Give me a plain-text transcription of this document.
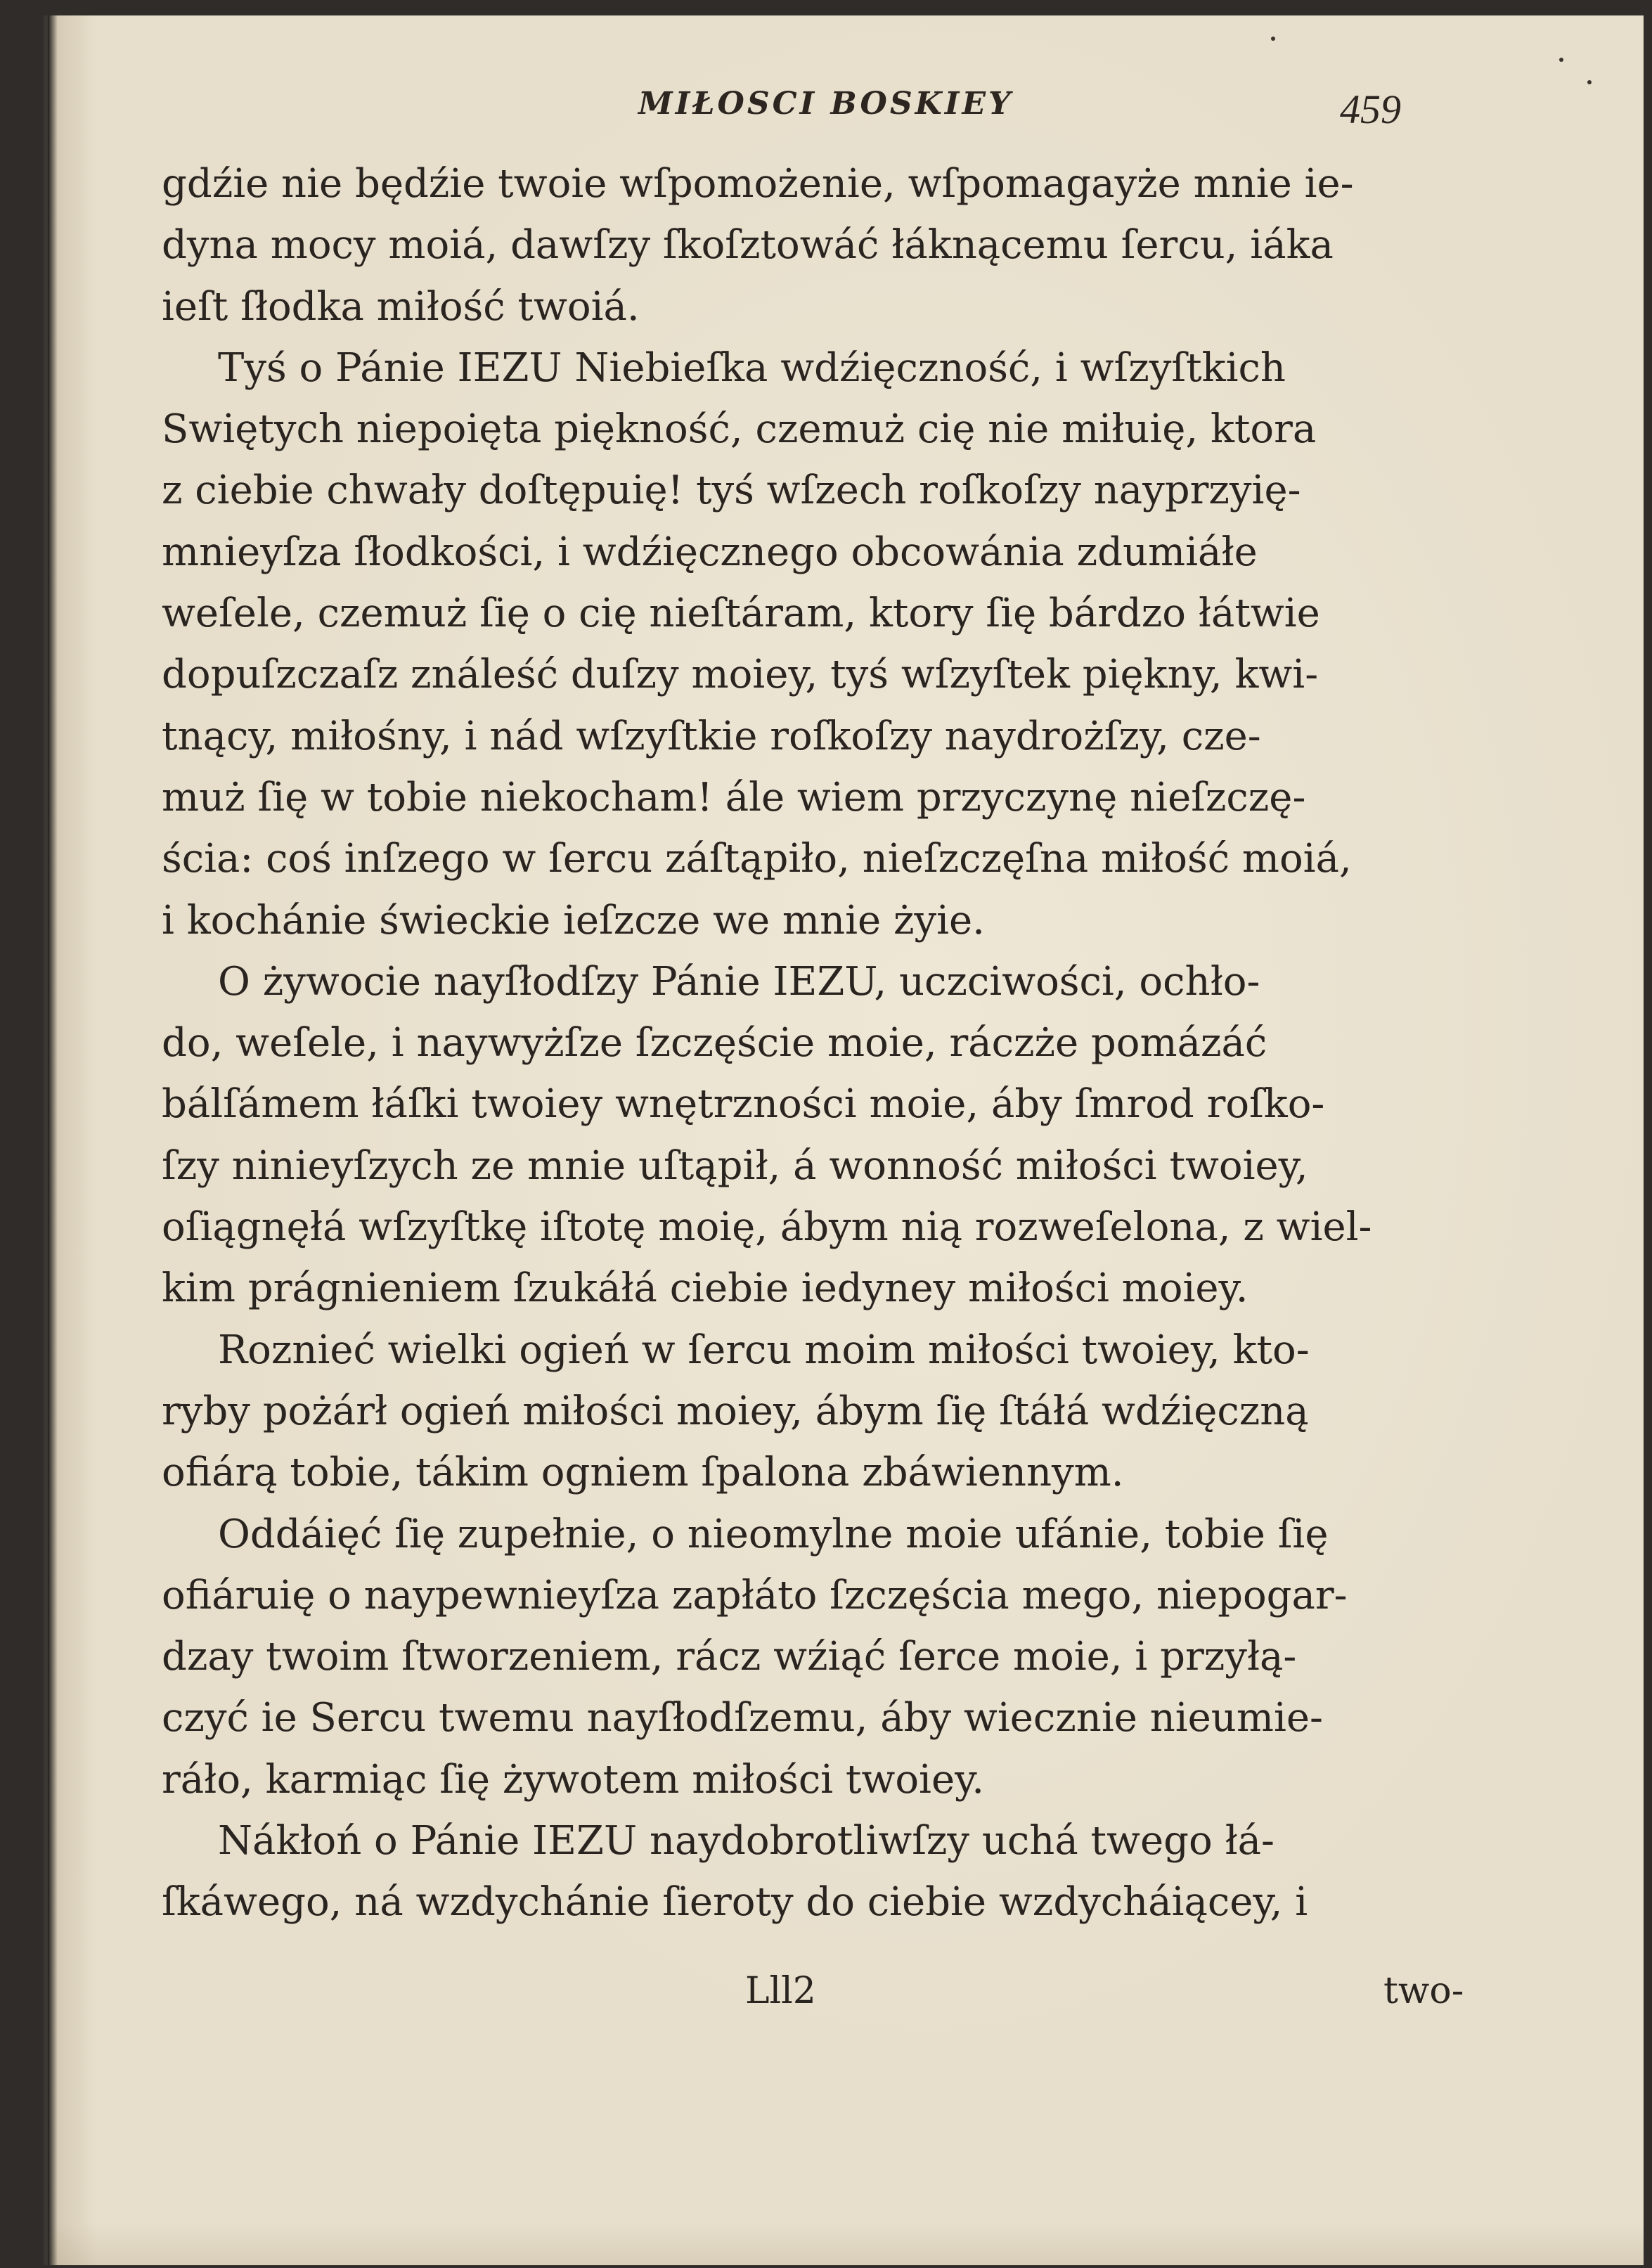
MIŁOSCI BOSKIEY	459
gdźie nie będźie twoie wſpomożenie, wſpomagayże mnie ie-
dyna mocy moiá, dawſzy ſkoſztowáć łáknącemu ſercu, iáka
ieſt ſłodka miłość twoiá.
Tyś o Pánie IEZU Niebieſka wdźięczność, i wſzyſtkich
Swiętych niepoięta piękność, czemuż cię nie miłuię, ktora
z ciebie chwały doſtępuię! tyś wſzech roſkoſzy nayprzyię-
mnieyſza ſłodkości, i wdźięcznego obcowánia zdumiáłe
weſele, czemuż ſię o cię nieſtáram, ktory ſię bárdzo łátwie
dopuſzczaſz ználeść duſzy moiey, tyś wſzyſtek piękny, kwi-
tnący, miłośny, i nád wſzyſtkie roſkoſzy naydrożſzy, cze-
muż ſię w tobie niekocham! ále wiem przyczynę nieſzczę-
ścia: coś inſzego w ſercu záſtąpiło, nieſzczęſna miłość moiá,
i kochánie świeckie ieſzcze we mnie żyie.
O żywocie nayſłodſzy Pánie IEZU, uczciwości, ochło-
do, weſele, i naywyżſze ſzczęście moie, ráczże pomázáć
bálſámem łáſki twoiey wnętrzności moie, áby ſmrod roſko-
ſzy ninieyſzych ze mnie uſtąpił, á wonność miłości twoiey,
oſiągnęłá wſzyſtkę iſtotę moię, ábym nią rozweſelona, z wiel-
kim prágnieniem ſzukáłá ciebie iedyney miłości moiey.
Roznieć wielki ogień w ſercu moim miłości twoiey, kto-
ryby pożárł ogień miłości moiey, ábym ſię ſtáłá wdźięczną
ofiárą tobie, tákim ogniem ſpalona zbáwiennym.
Oddáięć ſię zupełnie, o nieomylne moie ufánie, tobie ſię
ofiáruię o naypewnieyſza zapłáto ſzczęścia mego, niepogar-
dzay twoim ſtworzeniem, rácz wźiąć ſerce moie, i przyłą-
czyć ie Sercu twemu nayſłodſzemu, áby wiecznie nieumie-
ráło, karmiąc ſię żywotem miłości twoiey.
Nákłoń o Pánie IEZU naydobrotliwſzy uchá twego łá-
ſkáwego, ná wzdychánie ſieroty do ciebie wzdycháiącey, i
Lll2	two-
